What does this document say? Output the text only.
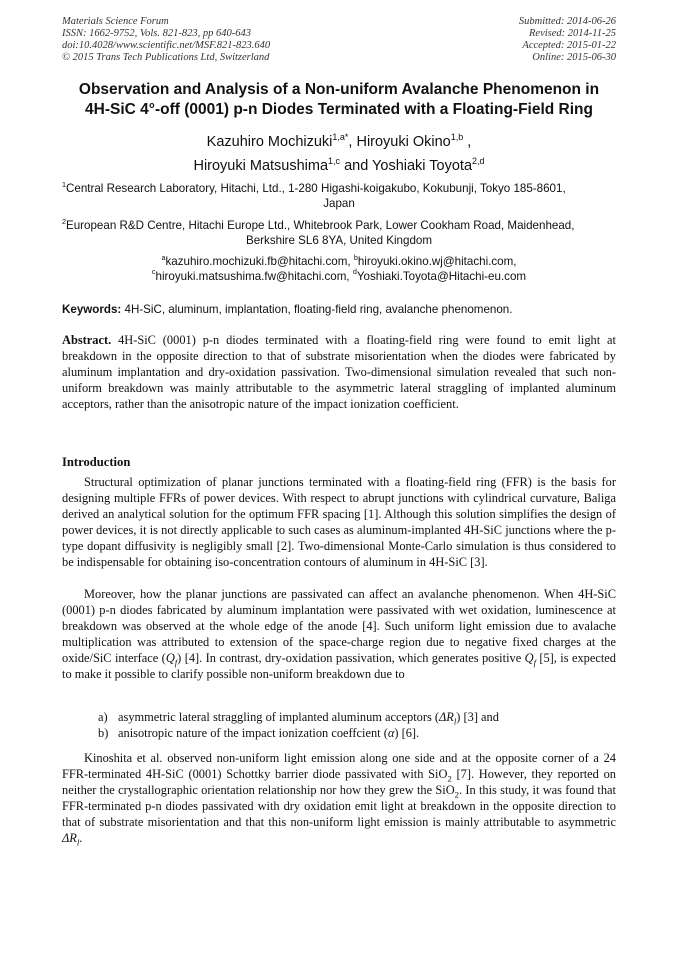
Materials Science Forum
ISSN: 1662-9752, Vols. 821-823, pp 640-643
doi:10.4028/www.scientific.net/MSF.821-823.640
© 2015 Trans Tech Publications Ltd, Switzerland
Submitted: 2014-06-26
Revised: 2014-11-25
Accepted: 2015-01-22
Online: 2015-06-30
Observation and Analysis of a Non-uniform Avalanche Phenomenon in
4H-SiC 4°-off (0001) p-n Diodes Terminated with a Floating-Field Ring
Kazuhiro Mochizuki$^{1,a*}$, Hiroyuki Okino$^{1,b}$ ,
Hiroyuki Matsushima$^{1,c}$ and Yoshiaki Toyota$^{2,d}$
$^1$Central Research Laboratory, Hitachi, Ltd., 1-280 Higashi-koigakubo, Kokubunji, Tokyo 185-8601,
Japan
$^2$European R&D Centre, Hitachi Europe Ltd., Whitebrook Park, Lower Cookham Road, Maidenhead,
Berkshire SL6 8YA, United Kingdom
$^a$kazuhiro.mochizuki.fb@hitachi.com, $^b$hiroyuki.okino.wj@hitachi.com,
$^c$hiroyuki.matsushima.fw@hitachi.com, $^d$Yoshiaki.Toyota@Hitachi-eu.com
Keywords: 4H-SiC, aluminum, implantation, floating-field ring, avalanche phenomenon.

Abstract. 4H-SiC (0001) p-n diodes terminated with a floating-field ring were found to emit light at breakdown in the opposite direction to that of substrate misorientation when the diodes were fabricated by aluminum implantation and dry-oxidation passivation. Two-dimensional simulation revealed that such non-uniform breakdown was mainly attributable to the asymmetric lateral straggling of implanted aluminum acceptors, rather than the anisotropic nature of the impact ionization coefficient.

Introduction

Structural optimization of planar junctions terminated with a floating-field ring (FFR) is the basis for designing multiple FFRs of power devices. With respect to abrupt junctions with cylindrical curvature, Baliga derived an analytical solution for the optimum FFR spacing [1]. Although this solution simplifies the design of power devices, it is not directly applicable to such cases as aluminum-implanted 4H-SiC junctions where the p-type dopant diffusivity is negligibly small [2]. Two-dimensional Monte-Carlo simulation is thus considered to be indispensable for obtaining iso-concentration contours of aluminum in 4H-SiC [3].

Moreover, how the planar junctions are passivated can affect an avalanche phenomenon. When 4H-SiC (0001) p-n diodes fabricated by aluminum implantation were passivated with wet oxidation, luminescence at breakdown was observed at the whole edge of the anode [4]. Such uniform light emission due to avalache multiplication was attributed to extension of the space-charge region due to negative fixed charges at the oxide/SiC interface $(Q_f)$ [4]. In contrast, dry-oxidation passivation, which generates positive $Q_f$ [5], is expected to make it possible to clarify possible non-uniform breakdown due to

a) asymmetric lateral straggling of implanted aluminum acceptors $(\Delta R_l)$ [3] and
b) anisotropic nature of the impact ionization coeffcient (α) [6].

Kinoshita et al. observed non-uniform light emission along one side and at the opposite corner of a 24 FFR-terminated 4H-SiC (0001) Schottky barrier diode passivated with SiO$_2$ [7]. However, they reported on neither the crystallographic orientation relationship nor how they grew the SiO$_2$. In this study, it was found that FFR-terminated p-n diodes passivated with dry oxidation emit light at breakdown in the opposite direction to that of substrate misorientation and that this non-uniform light emission is mainly attributable to asymmetric $\Delta R_l$.
